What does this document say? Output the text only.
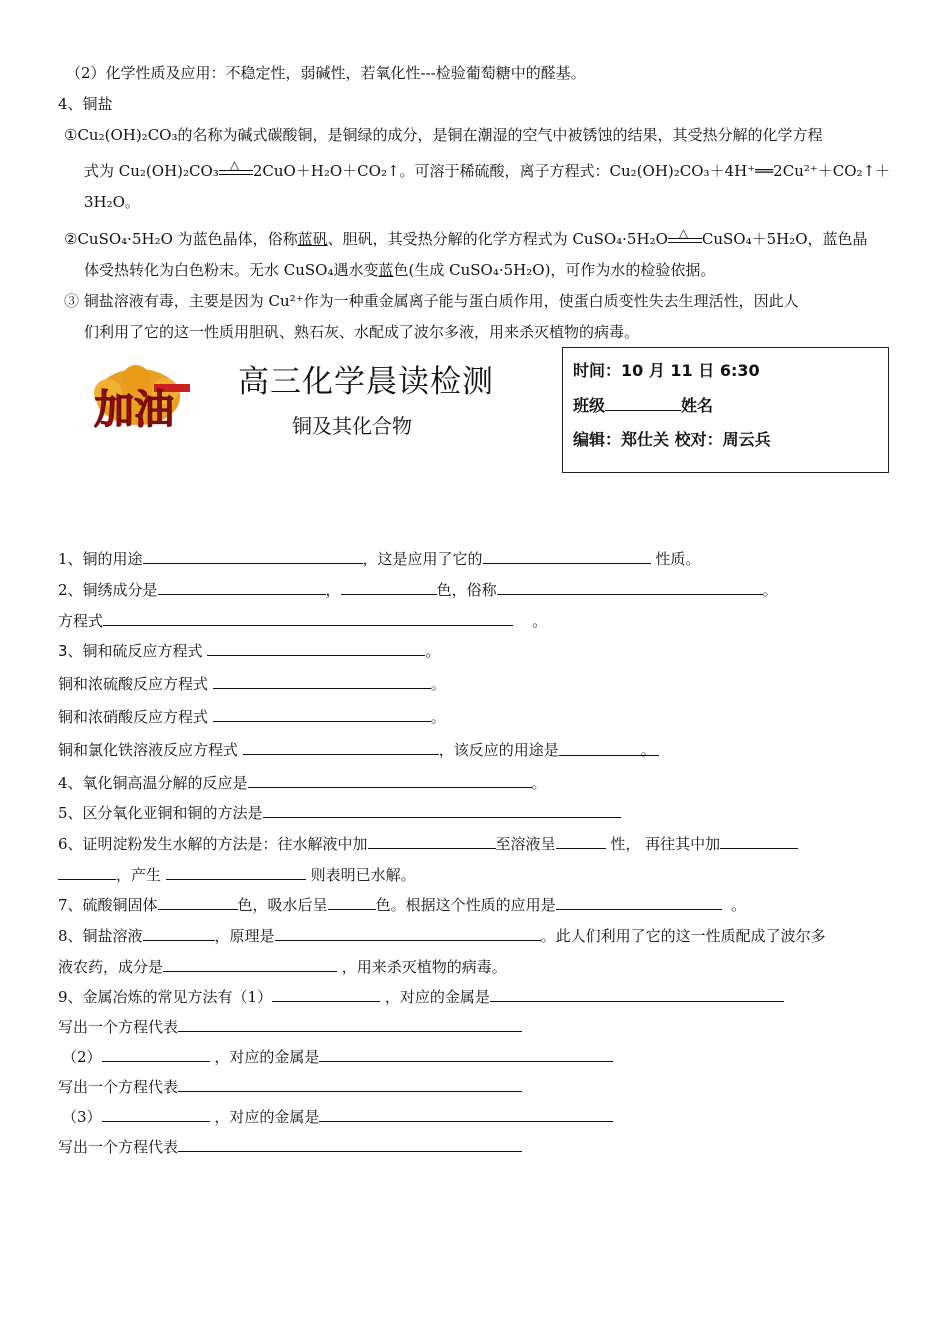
（2）化学性质及应用：不稳定性，弱碱性，若氧化性---检验葡萄糖中的醛基。
4、铜盐
①Cu₂(OH)₂CO₃的名称为碱式碳酸铜，是铜绿的成分，是铜在潮湿的空气中被锈蚀的结果，其受热分解的化学方程
式为 Cu₂(OH)₂CO₃ △ 2CuO＋H₂O＋CO₂↑。可溶于稀硫酸，离子方程式：Cu₂(OH)₂CO₃＋4H⁺══2Cu²⁺＋CO₂↑＋
3H₂O。
②CuSO₄·5H₂O 为蓝色晶体，俗称蓝矾、胆矾，其受热分解的化学方程式为 CuSO₄·5H₂O △ CuSO₄＋5H₂O，蓝色晶
体受热转化为白色粉末。无水 CuSO₄遇水变蓝色(生成 CuSO₄·5H₂O)，可作为水的检验依据。
③ 铜盐溶液有毒，主要是因为 Cu²⁺作为一种重金属离子能与蛋白质作用，使蛋白质变性失去生理活性，因此人
们利用了它的这一性质用胆矾、熟石灰、水配成了波尔多液，用来杀灭植物的病毒。
加油
高三化学晨读检测
铜及其化合物
时间：10 月 11 日 6:30
班级	姓名
编辑：郑仕关 校对：周云兵
1、铜的用途	，这是应用了它的	性质。
2、铜绣成分是	，	色，俗称	。
方程式	。
3、铜和硫反应方程式	。
铜和浓硫酸反应方程式	。
铜和浓硝酸反应方程式	。
铜和氯化铁溶液反应方程式	，该反应的用途是	。
4、氧化铜高温分解的反应是	。
5、区分氧化亚铜和铜的方法是
6、证明淀粉发生水解的方法是：往水解液中加	至溶液呈	性， 再往其中加
，产生	则表明已水解。
7、硫酸铜固体	色，吸水后呈	色。根据这个性质的应用是	。
8、铜盐溶液	，原理是	。此人们利用了它的这一性质配成了波尔多
液农药，成分是	，用来杀灭植物的病毒。
9、金属冶炼的常见方法有（1）	，对应的金属是
写出一个方程代表
（2）	，对应的金属是
写出一个方程代表
（3）	，对应的金属是
写出一个方程代表
